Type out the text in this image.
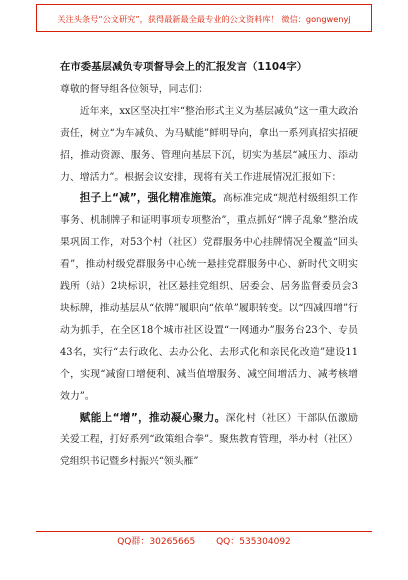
关注头条号“公文研究”，获得最新最全最专业的公文资料库！ 微信：gongwenyj

在市委基层减负专项督导会上的汇报发言（1104字）

尊敬的督导组各位领导，同志们：

近年来，xx区坚决扛牢“整治形式主义为基层减负”这一重大政治责任，树立“为车减负、为马赋能”鲜明导向，拿出一系列真招实招硬招，推动资源、服务、管理向基层下沉，切实为基层“减压力、添动力、增活力”。根据会议安排，现将有关工作进展情况汇报如下：

担子上“减”，强化精准施策。高标准完成“规范村级组织工作事务、机制牌子和证明事项专项整治”，重点抓好“牌子乱象”整治成果巩固工作，对53个村（社区）党群服务中心挂牌情况全覆盖“回头看”，推动村级党群服务中心统一悬挂党群服务中心、新时代文明实践所（站）2块标识，社区悬挂党组织、居委会、居务监督委员会3块标牌，推动基层从“依牌”履职向“依单”履职转变。以“四减四增”行动为抓手，在全区18个城市社区设置“一网通办”服务台23个、专员43名，实行“去行政化、去办公化、去形式化和亲民化改造”建设11个，实现“减窗口增便利、减当值增服务、减空间增活力、减考核增效力”。

赋能上“增”，推动凝心聚力。深化村（社区）干部队伍激励关爱工程，打好系列“政策组合拳”。聚焦教育管理，举办村（社区）党组织书记暨乡村振兴“领头雁”

QQ群：30265665 QQ：535304092
